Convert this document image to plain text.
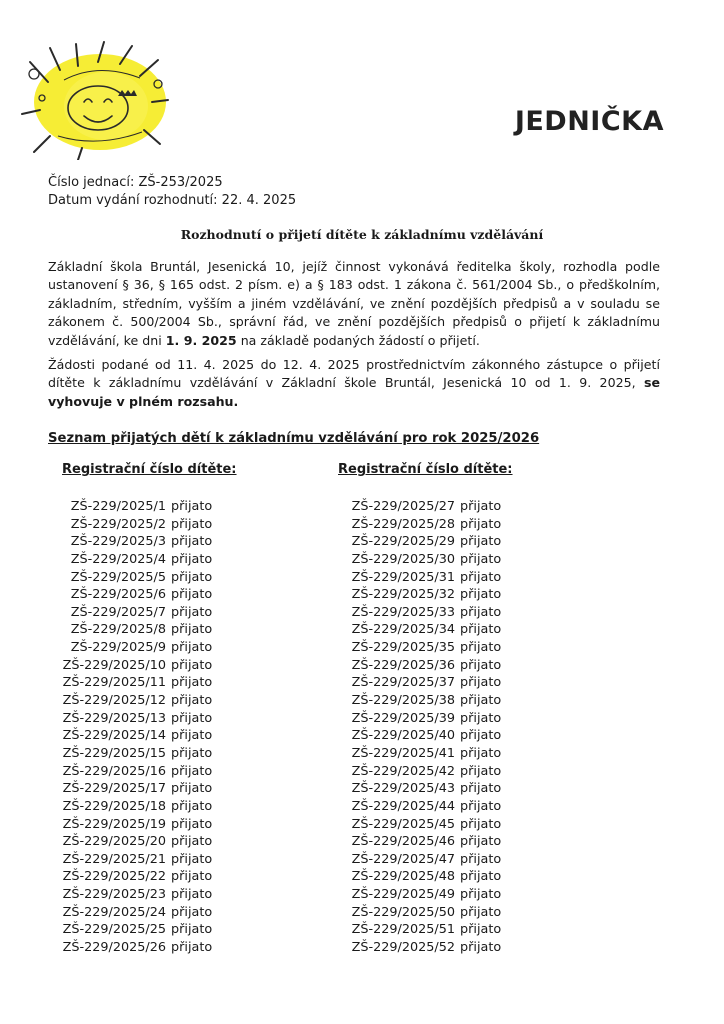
JEDNIČKA
Číslo jednací: ZŠ-253/2025
Datum vydání rozhodnutí: 22. 4. 2025
Rozhodnutí o přijetí dítěte k základnímu vzdělávání
Základní škola Bruntál, Jesenická 10, jejíž činnost vykonává ředitelka školy, rozhodla podle ustanovení § 36, § 165 odst. 2 písm. e) a § 183 odst. 1 zákona č. 561/2004 Sb., o předškolním, základním, středním, vyšším a jiném vzdělávání, ve znění pozdějších předpisů a v souladu se zákonem č. 500/2004 Sb., správní řád, ve znění pozdějších předpisů o přijetí k základnímu vzdělávání, ke dni 1. 9. 2025 na základě podaných žádostí o přijetí.
Žádosti podané od 11. 4. 2025 do 12. 4. 2025 prostřednictvím zákonného zástupce o přijetí dítěte k základnímu vzdělávání v Základní škole Bruntál, Jesenická 10 od 1. 9. 2025, se vyhovuje v plném rozsahu.
Seznam přijatých dětí k základnímu vzdělávání pro rok 2025/2026
Registrační číslo dítěte:	Registrační číslo dítěte:
ZŠ-229/2025/1 přijato
ZŠ-229/2025/2 přijato
ZŠ-229/2025/3 přijato
ZŠ-229/2025/4 přijato
ZŠ-229/2025/5 přijato
ZŠ-229/2025/6 přijato
ZŠ-229/2025/7 přijato
ZŠ-229/2025/8 přijato
ZŠ-229/2025/9 přijato
ZŠ-229/2025/10 přijato
ZŠ-229/2025/11 přijato
ZŠ-229/2025/12 přijato
ZŠ-229/2025/13 přijato
ZŠ-229/2025/14 přijato
ZŠ-229/2025/15 přijato
ZŠ-229/2025/16 přijato
ZŠ-229/2025/17 přijato
ZŠ-229/2025/18 přijato
ZŠ-229/2025/19 přijato
ZŠ-229/2025/20 přijato
ZŠ-229/2025/21 přijato
ZŠ-229/2025/22 přijato
ZŠ-229/2025/23 přijato
ZŠ-229/2025/24 přijato
ZŠ-229/2025/25 přijato
ZŠ-229/2025/26 přijato
ZŠ-229/2025/27 přijato
ZŠ-229/2025/28 přijato
ZŠ-229/2025/29 přijato
ZŠ-229/2025/30 přijato
ZŠ-229/2025/31 přijato
ZŠ-229/2025/32 přijato
ZŠ-229/2025/33 přijato
ZŠ-229/2025/34 přijato
ZŠ-229/2025/35 přijato
ZŠ-229/2025/36 přijato
ZŠ-229/2025/37 přijato
ZŠ-229/2025/38 přijato
ZŠ-229/2025/39 přijato
ZŠ-229/2025/40 přijato
ZŠ-229/2025/41 přijato
ZŠ-229/2025/42 přijato
ZŠ-229/2025/43 přijato
ZŠ-229/2025/44 přijato
ZŠ-229/2025/45 přijato
ZŠ-229/2025/46 přijato
ZŠ-229/2025/47 přijato
ZŠ-229/2025/48 přijato
ZŠ-229/2025/49 přijato
ZŠ-229/2025/50 přijato
ZŠ-229/2025/51 přijato
ZŠ-229/2025/52 přijato
